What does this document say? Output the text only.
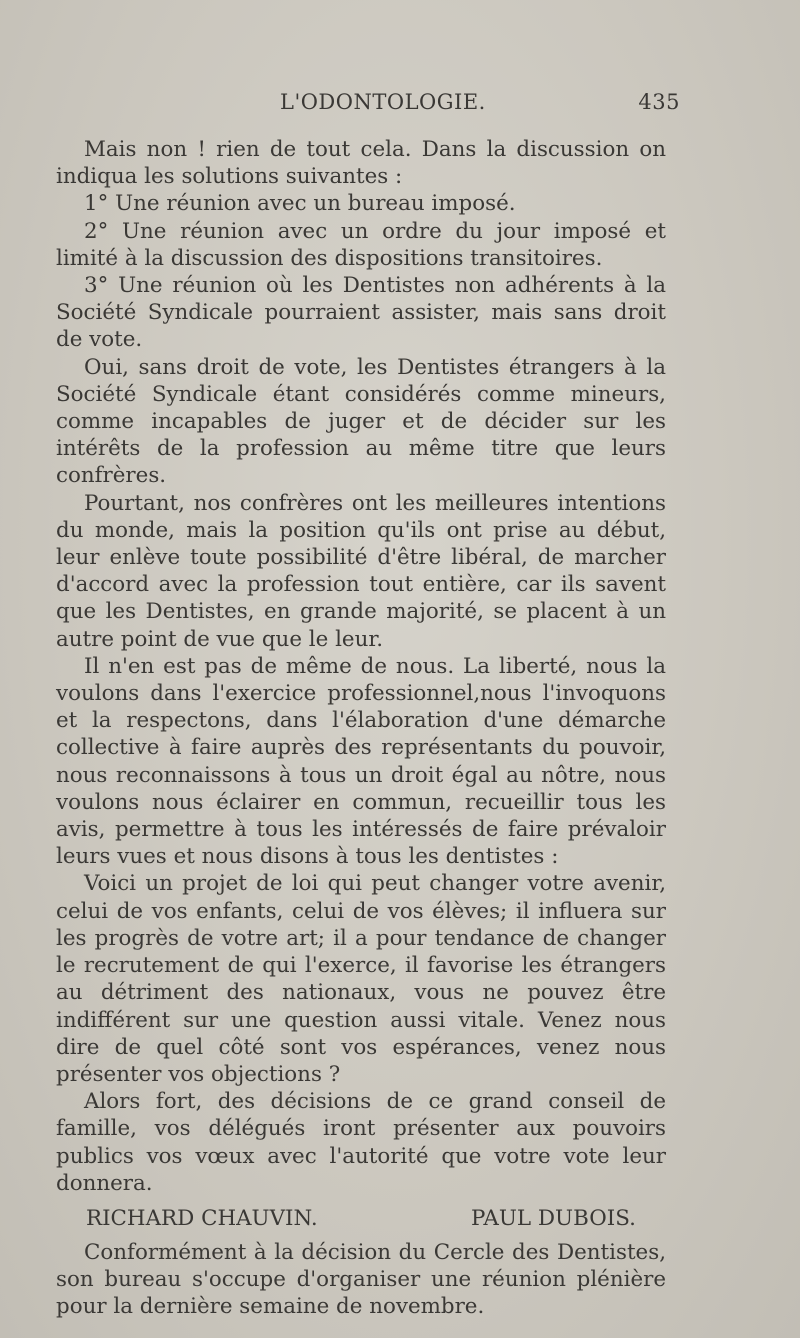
L'ODONTOLOGIE.	435

Mais non ! rien de tout cela. Dans la discussion on indiqua les solutions suivantes :

1° Une réunion avec un bureau imposé.

2° Une réunion avec un ordre du jour imposé et limité à la discussion des dispositions transitoires.

3° Une réunion où les Dentistes non adhérents à la Société Syndicale pourraient assister, mais sans droit de vote.

Oui, sans droit de vote, les Dentistes étrangers à la Société Syndicale étant considérés comme mineurs, comme incapables de juger et de décider sur les intérêts de la profession au même titre que leurs confrères.

Pourtant, nos confrères ont les meilleures intentions du monde, mais la position qu'ils ont prise au début, leur enlève toute possibilité d'être libéral, de marcher d'accord avec la profession tout entière, car ils savent que les Dentistes, en grande majorité, se placent à un autre point de vue que le leur.

Il n'en est pas de même de nous. La liberté, nous la voulons dans l'exercice professionnel,nous l'invoquons et la respectons, dans l'élaboration d'une démarche collective à faire auprès des représentants du pouvoir, nous reconnaissons à tous un droit égal au nôtre, nous voulons nous éclairer en commun, recueillir tous les avis, permettre à tous les intéressés de faire prévaloir leurs vues et nous disons à tous les dentistes :

Voici un projet de loi qui peut changer votre avenir, celui de vos enfants, celui de vos élèves; il influera sur les progrès de votre art; il a pour tendance de changer le recrutement de qui l'exerce, il favorise les étrangers au détriment des nationaux, vous ne pouvez être indifférent sur une question aussi vitale. Venez nous dire de quel côté sont vos espérances, venez nous présenter vos objections ?

Alors fort, des décisions de ce grand conseil de famille, vos délégués iront présenter aux pouvoirs publics vos vœux avec l'autorité que votre vote leur donnera.

RICHARD CHAUVIN.	PAUL DUBOIS.

Conformément à la décision du Cercle des Dentistes, son bureau s'occupe d'organiser une réunion plénière pour la dernière semaine de novembre.
